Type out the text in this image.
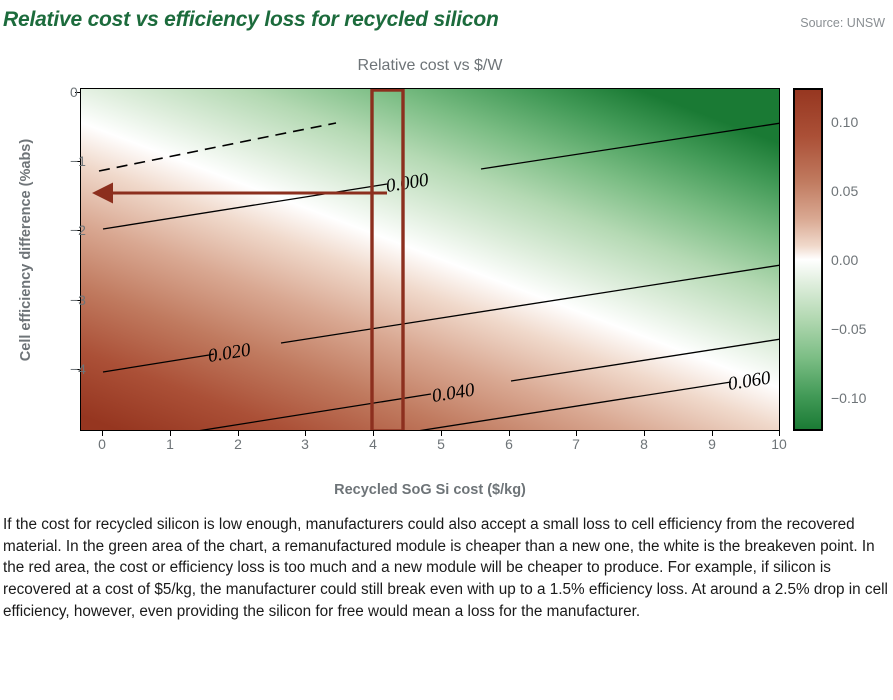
Relative cost vs efficiency loss for recycled silicon	Source: UNSW
Relative cost vs $/W
Cell efficiency difference (%abs)
Recycled SoG Si cost ($/kg)
0.000
0.020
0.040	0.060
0	1	2	3	4	5	6	7	8	9	10
0
−1
−2
−3
−4
0.10
0.05
0.00
−0.05
−0.10
If the cost for recycled silicon is low enough, manufacturers could also accept a small loss to cell efficiency from the recovered material. In the green area of the chart, a remanufactured module is cheaper than a new one, the white is the breakeven point. In the red area, the cost or efficiency loss is too much and a new module will be cheaper to produce. For example, if silicon is recovered at a cost of $5/kg, the manufacturer could still break even with up to a 1.5% efficiency loss. At around a 2.5% drop in cell efficiency, however, even providing the silicon for free would mean a loss for the manufacturer.
